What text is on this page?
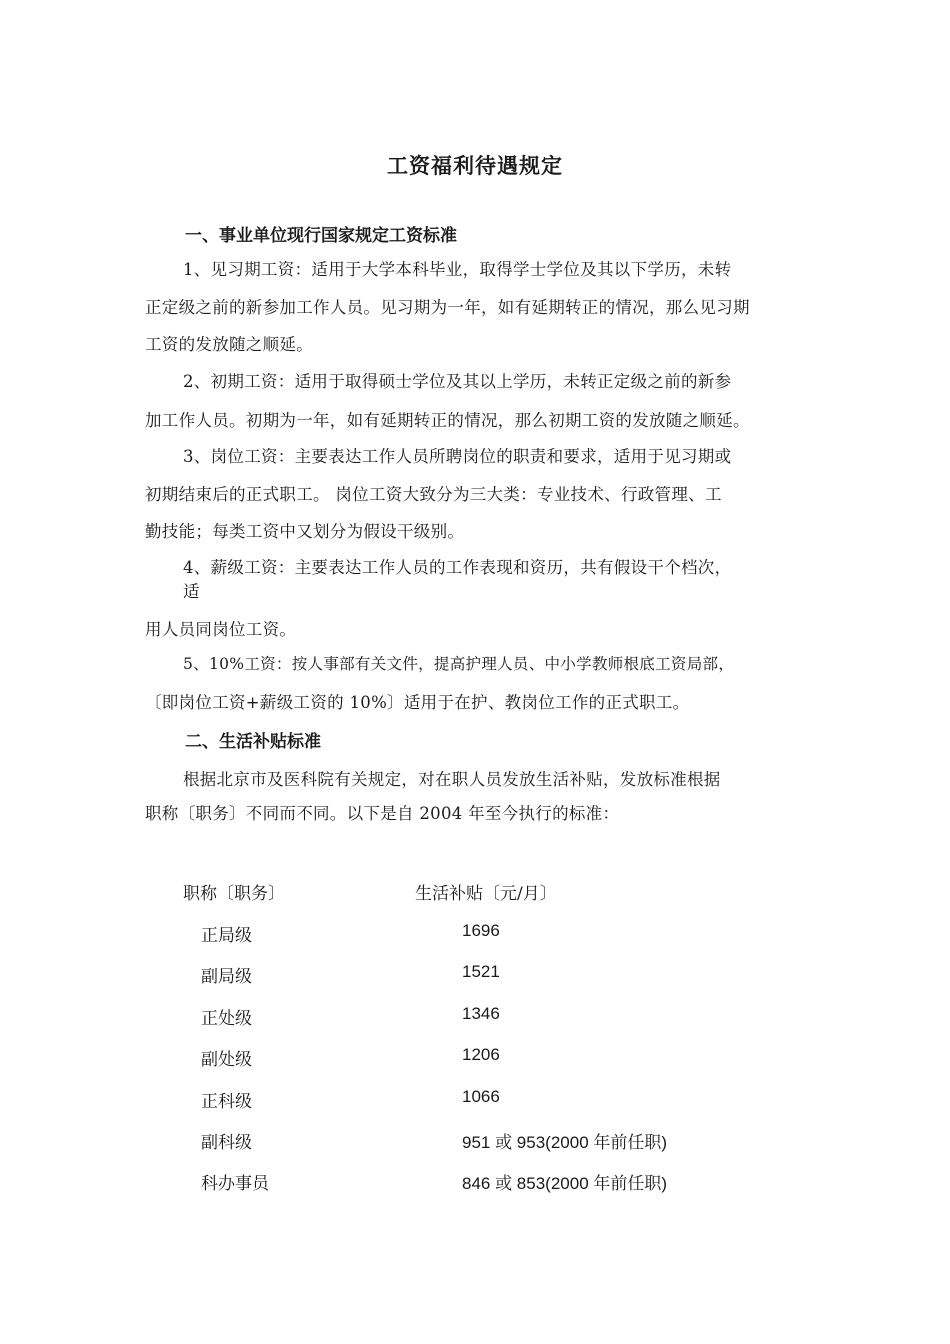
工资福利待遇规定
一、事业单位现行国家规定工资标准
1、见习期工资：适用于大学本科毕业，取得学士学位及其以下学历，未转
正定级之前的新参加工作人员。见习期为一年，如有延期转正的情况，那么见习期
工资的发放随之顺延。
2、初期工资：适用于取得硕士学位及其以上学历，未转正定级之前的新参
加工作人员。初期为一年，如有延期转正的情况，那么初期工资的发放随之顺延。
3、岗位工资：主要表达工作人员所聘岗位的职责和要求，适用于见习期或
初期结束后的正式职工。 岗位工资大致分为三大类：专业技术、行政管理、工
勤技能；每类工资中又划分为假设干级别。
4、薪级工资：主要表达工作人员的工作表现和资历，共有假设干个档次，
适
用人员同岗位工资。
5、10%工资：按人事部有关文件，提高护理人员、中小学教师根底工资局部，
〔即岗位工资+薪级工资的 10%〕适用于在护、教岗位工作的正式职工。
二、生活补贴标准
根据北京市及医科院有关规定，对在职人员发放生活补贴，发放标准根据
职称〔职务〕不同而不同。以下是自 2004 年至今执行的标准：
职称〔职务〕	生活补贴〔元/月〕
正局级	1696
副局级	1521
正处级	1346
副处级	1206
正科级	1066
副科级	951 或 953(2000 年前任职)
科办事员	846 或 853(2000 年前任职)
